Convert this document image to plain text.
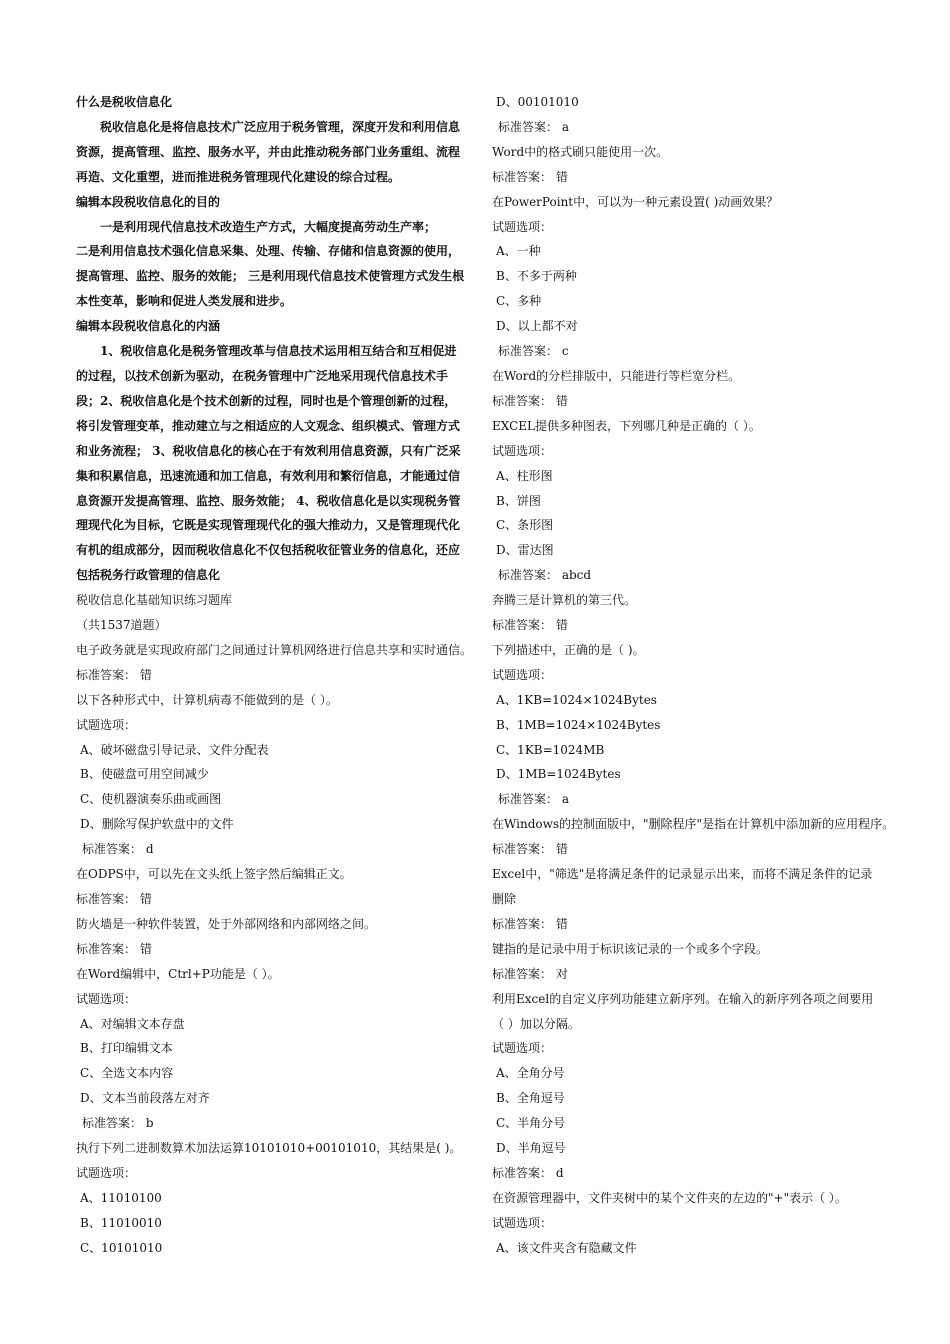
什么是税收信息化
税收信息化是将信息技术广泛应用于税务管理，深度开发和利用信息资源，提高管理、监控、服务水平，并由此推动税务部门业务重组、流程再造、文化重塑，进而推进税务管理现代化建设的综合过程。
编辑本段税收信息化的目的
一是利用现代信息技术改造生产方式，大幅度提高劳动生产率；
二是利用信息技术强化信息采集、处理、传输、存储和信息资源的使用，提高管理、监控、服务的效能； 三是利用现代信息技术使管理方式发生根本性变革，影响和促进人类发展和进步。
编辑本段税收信息化的内涵
1、税收信息化是税务管理改革与信息技术运用相互结合和互相促进的过程，以技术创新为驱动，在税务管理中广泛地采用现代信息技术手段；2、税收信息化是个技术创新的过程，同时也是个管理创新的过程，将引发管理变革，推动建立与之相适应的人文观念、组织模式、管理方式和业务流程； 3、税收信息化的核心在于有效利用信息资源，只有广泛采集和积累信息，迅速流通和加工信息，有效利用和繁衍信息，才能通过信息资源开发提高管理、监控、服务效能； 4、税收信息化是以实现税务管理现代化为目标，它既是实现管理现代化的强大推动力，又是管理现代化有机的组成部分，因而税收信息化不仅包括税收征管业务的信息化，还应包括税务行政管理的信息化
税收信息化基础知识练习题库
（共1537道题）
电子政务就是实现政府部门之间通过计算机网络进行信息共享和实时通信。
标准答案： 错
以下各种形式中，计算机病毒不能做到的是（ ）。
试题选项：
A、破坏磁盘引导记录、文件分配表
B、使磁盘可用空间减少
C、使机器演奏乐曲或画图
D、删除写保护软盘中的文件
标准答案： d
在ODPS中，可以先在文头纸上签字然后编辑正文。
标准答案： 错
防火墙是一种软件装置，处于外部网络和内部网络之间。
标准答案： 错
在Word编辑中，Ctrl+P功能是（ ）。
试题选项：
A、对编辑文本存盘
B、打印编辑文本
C、全选文本内容
D、文本当前段落左对齐
标准答案： b
执行下列二进制数算术加法运算10101010+00101010，其结果是( )。
试题选项：
A、11010100
B、11010010
C、10101010
D、00101010
标准答案： a
Word中的格式刷只能使用一次。
标准答案： 错
在PowerPoint中，可以为一种元素设置( )动画效果？
试题选项：
A、一种
B、不多于两种
C、多种
D、以上都不对
标准答案： c
在Word的分栏排版中，只能进行等栏宽分栏。
标准答案： 错
EXCEL提供多种图表，下列哪几种是正确的（ ）。
试题选项：
A、柱形图
B、饼图
C、条形图
D、雷达图
标准答案： abcd
奔腾三是计算机的第三代。
标准答案： 错
下列描述中，正确的是（ )。
试题选项：
A、1KB=1024×1024Bytes
B、1MB=1024×1024Bytes
C、1KB=1024MB
D、1MB=1024Bytes
标准答案： a
在Windows的控制面版中，"删除程序"是指在计算机中添加新的应用程序。
标准答案： 错
Excel中，"筛选"是将满足条件的记录显示出来，而将不满足条件的记录删除
标准答案： 错
键指的是记录中用于标识该记录的一个或多个字段。
标准答案： 对
利用Excel的自定义序列功能建立新序列。在输入的新序列各项之间要用（ ）加以分隔。
试题选项：
A、全角分号
B、全角逗号
C、半角分号
D、半角逗号
标准答案： d
在资源管理器中，文件夹树中的某个文件夹的左边的"+"表示（ ）。
试题选项：
A、该文件夹含有隐藏文件
